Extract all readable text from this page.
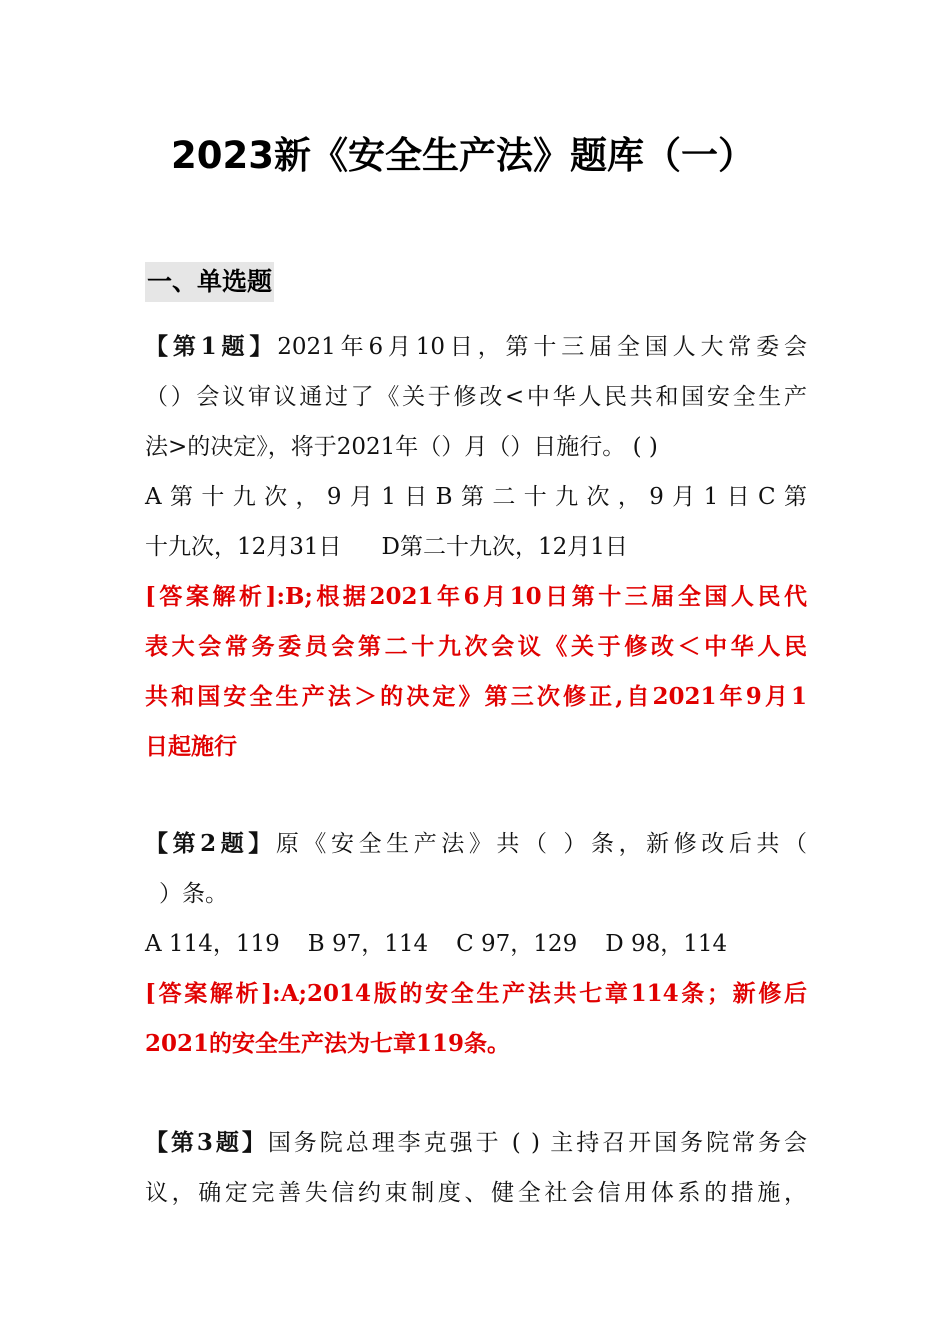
2023新《安全生产法》题库（一）
一、单选题
【第1题】2021年6月10日，第十三届全国人大常委会
（）会议审议通过了《关于修改<中华人民共和国安全生产
法>的决定》，将于2021年（）月（）日施行。 ( )
A第十九次，9月1日B第二十九次，9月1日C第
十九次，12月31日 D第二十九次，12月1日
[答案解析]:B;根据2021年6月10日第十三届全国人民代
表大会常务委员会第二十九次会议《关于修改＜中华人民
共和国安全生产法＞的决定》第三次修正,自2021年9月1
日起施行
【第2题】原《安全生产法》共（ ）条，新修改后共（
）条。
A 114，119 B 97，114 C 97，129 D 98，114
[答案解析]:A;2014版的安全生产法共七章114条；新修后
2021的安全生产法为七章119条。
【第3题】国务院总理李克强于 ( ) 主持召开国务院常务会
议，确定完善失信约束制度、健全社会信用体系的措施，
